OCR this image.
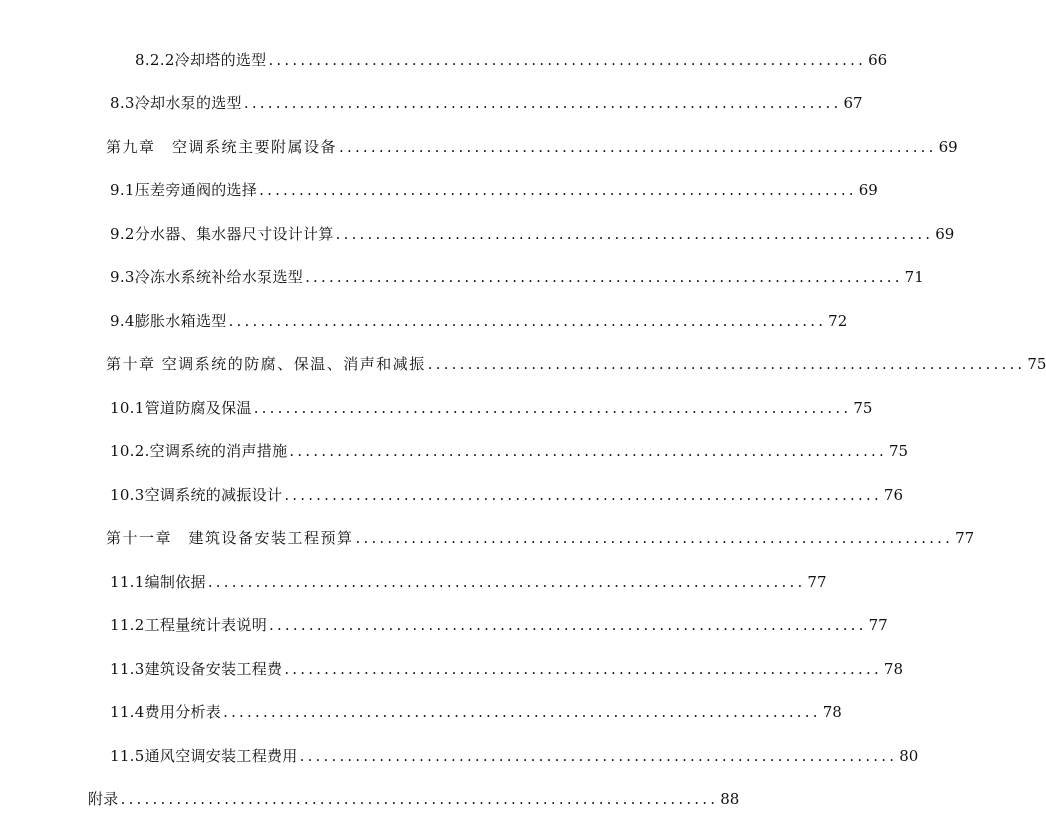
8.2.2冷却塔的选型 ........................................................................... 66
8.3冷却水泵的选型 ........................................................................... 67
第九章　空调系统主要附属设备 ........................................................................... 69
9.1压差旁通阀的选择 ........................................................................... 69
9.2分水器、集水器尺寸设计计算 ........................................................................... 69
9.3冷冻水系统补给水泵选型 ........................................................................... 71
9.4膨胀水箱选型 ........................................................................... 72
第十章 空调系统的防腐、保温、消声和减振 ........................................................................... 75
10.1管道防腐及保温 ........................................................................... 75
10.2.空调系统的消声措施 ........................................................................... 75
10.3空调系统的减振设计 ........................................................................... 76
第十一章　建筑设备安装工程预算 ........................................................................... 77
11.1编制依据 ........................................................................... 77
11.2工程量统计表说明 ........................................................................... 77
11.3建筑设备安装工程费 ........................................................................... 78
11.4费用分析表 ........................................................................... 78
11.5通风空调安装工程费用 ........................................................................... 80
附录 ........................................................................... 88
